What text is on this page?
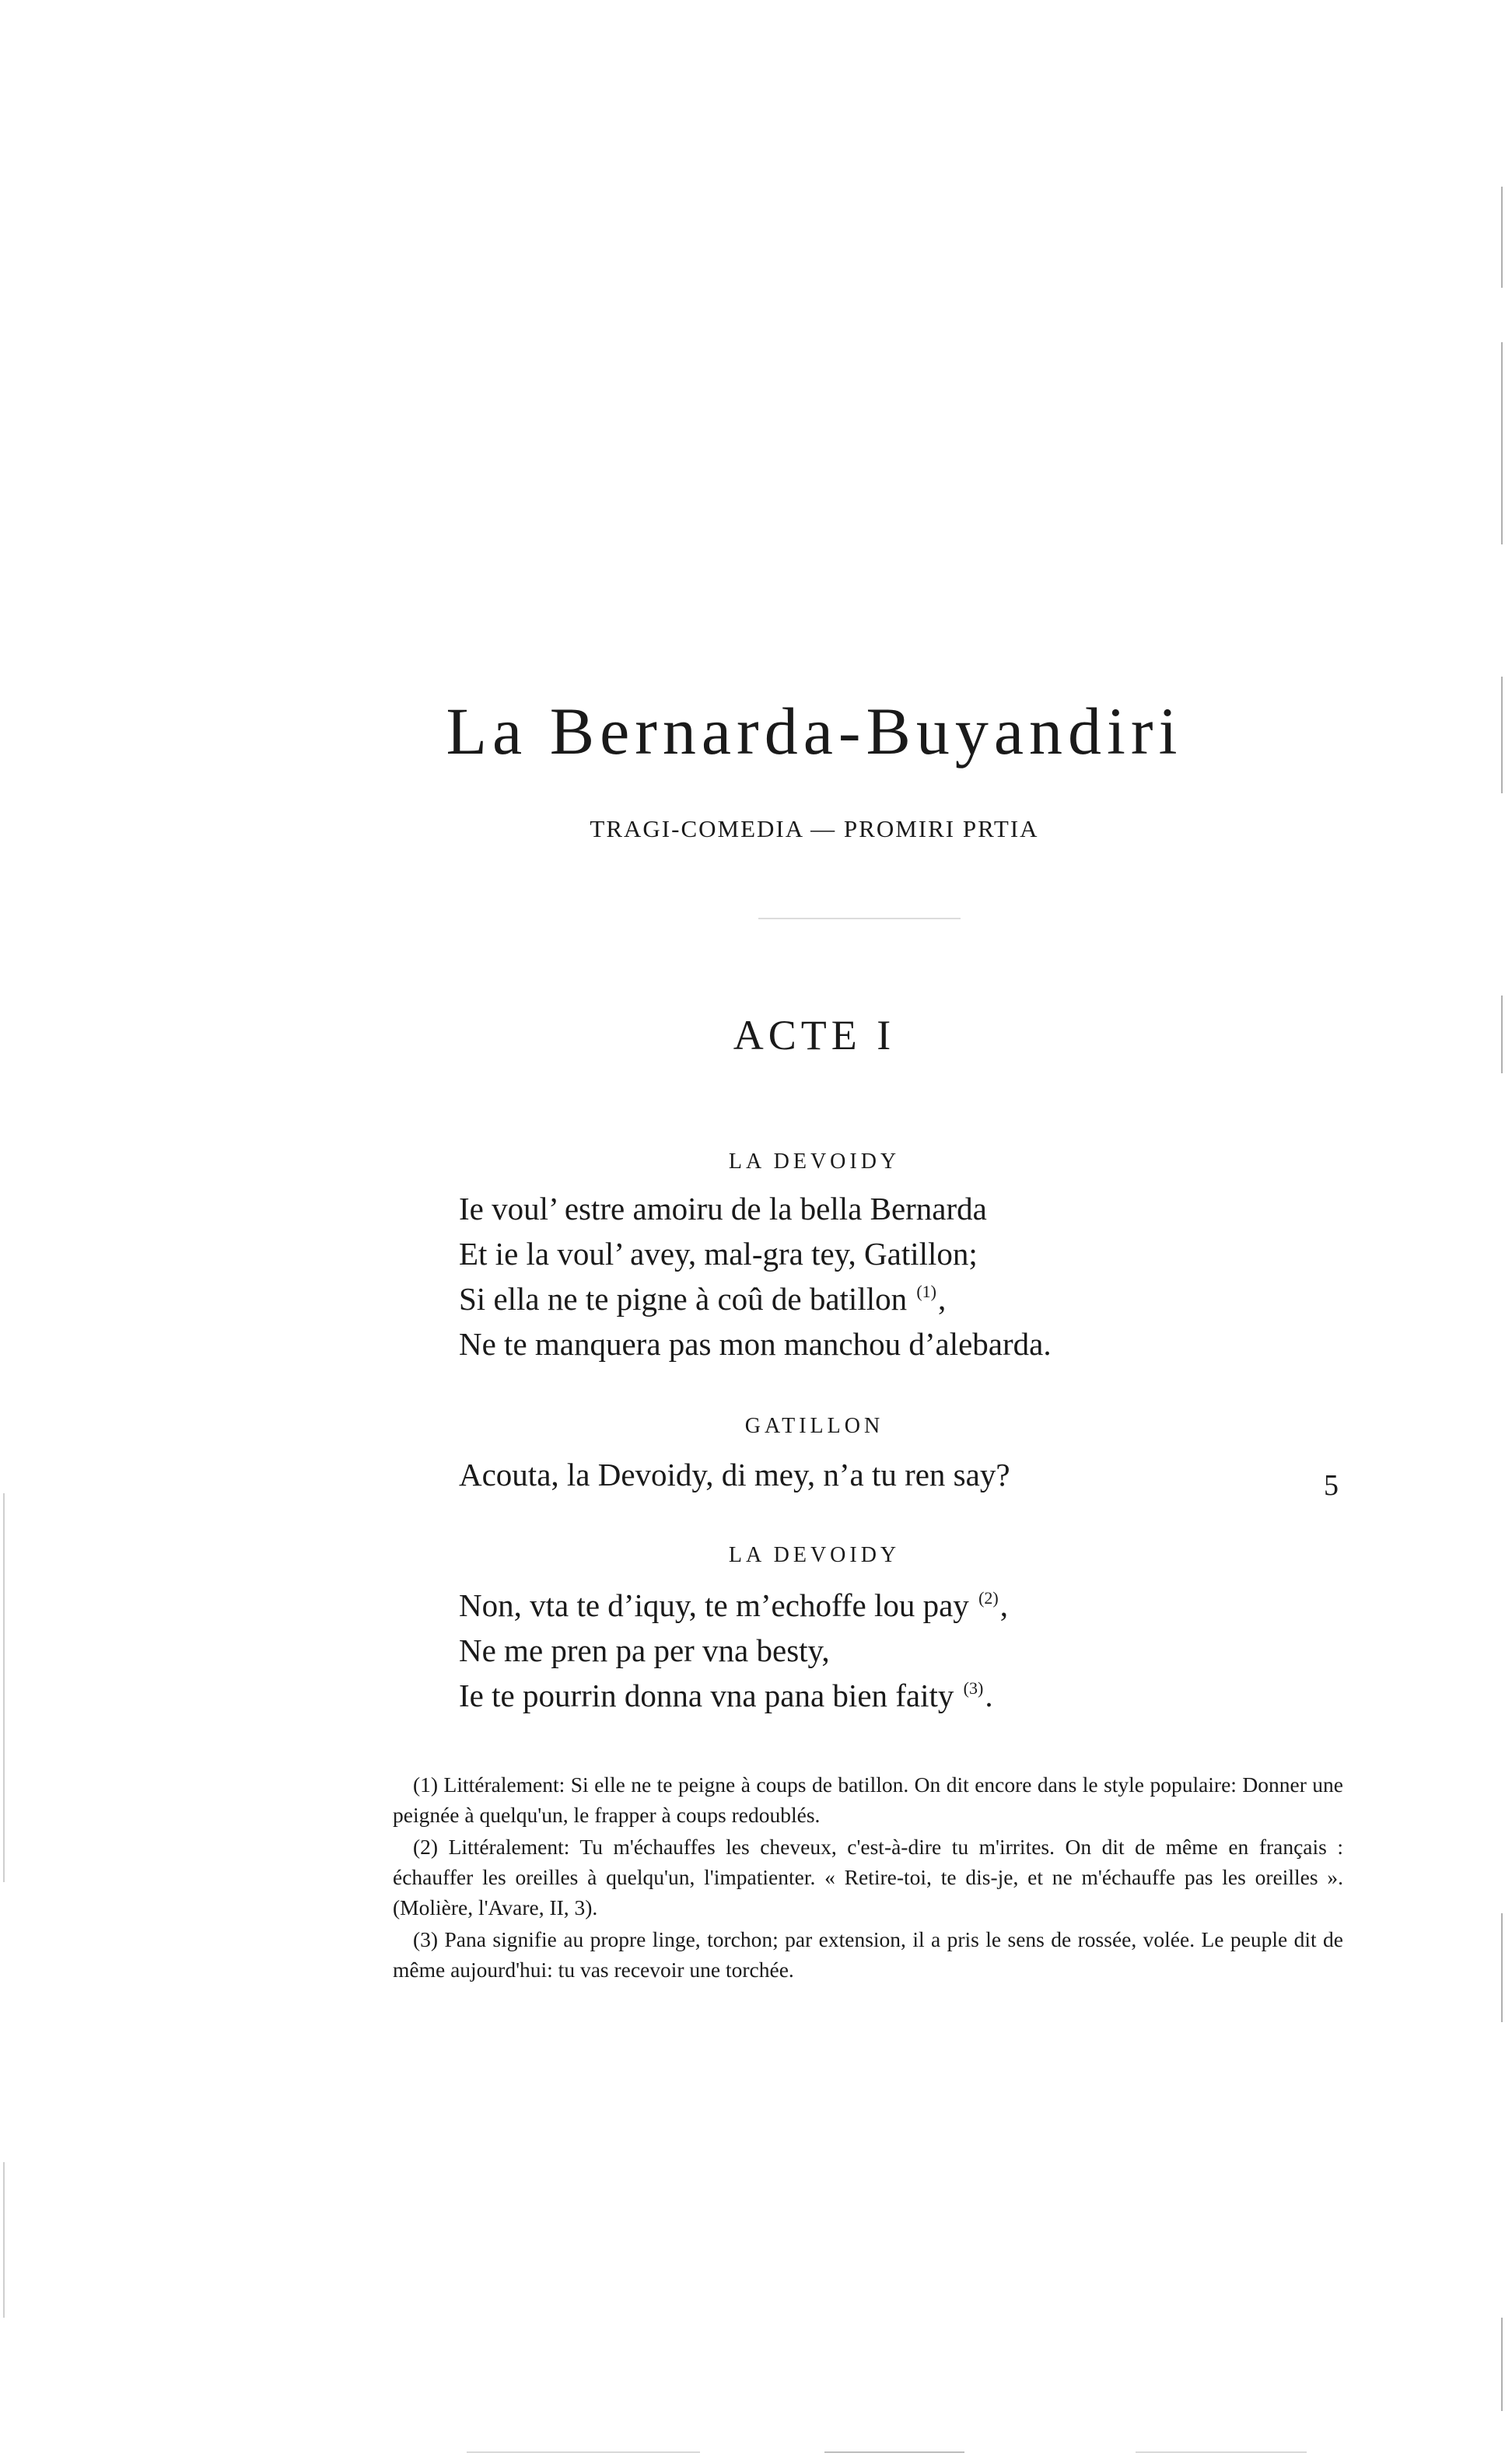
La Bernarda-Buyandiri
TRAGI-COMEDIA — PROMIRI PRTIA
ACTE I
LA DEVOIDY
Ie voul’ estre amoiru de la bella Bernarda
Et ie la voul’ avey, mal-gra tey, Gatillon;
Si ella ne te pigne à coû de batillon $^{(1)}$,
Ne te manquera pas mon manchou d’alebarda.
GATILLON
Acouta, la Devoidy, di mey, n’a tu ren say?	5
LA DEVOIDY
Non, vta te d’iquy, te m’echoffe lou pay $^{(2)}$,
Ne me pren pa per vna besty,
Ie te pourrin donna vna pana bien faity $^{(3)}$.

(1) Littéralement: Si elle ne te peigne à coups de batillon. On dit encore dans le style populaire: Donner une peignée à quelqu'un, le frapper à coups redoublés.

(2) Littéralement: Tu m'échauffes les cheveux, c'est-à-dire tu m'irrites. On dit de même en français : échauffer les oreilles à quelqu'un, l'impatienter. « Retire-toi, te dis-je, et ne m'échauffe pas les oreilles ». (Molière, l'Avare, II, 3).

(3) Pana signifie au propre linge, torchon; par extension, il a pris le sens de rossée, volée. Le peuple dit de même aujourd'hui: tu vas recevoir une torchée.
